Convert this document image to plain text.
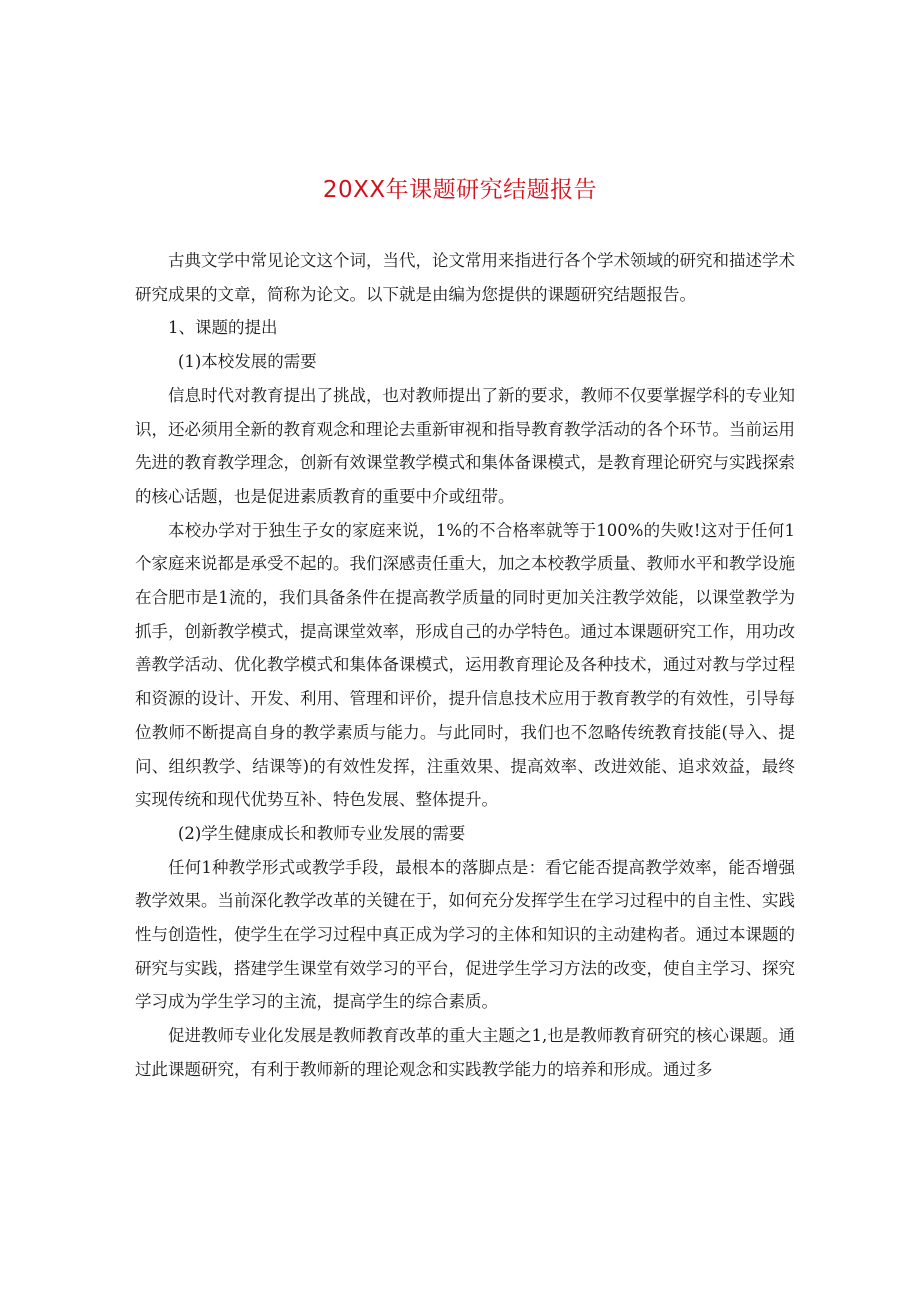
20XX年课题研究结题报告

古典文学中常见论文这个词，当代，论文常用来指进行各个学术领域的研究和描述学术研究成果的文章，简称为论文。以下就是由编为您提供的课题研究结题报告。

1、课题的提出

(1)本校发展的需要

信息时代对教育提出了挑战，也对教师提出了新的要求，教师不仅要掌握学科的专业知识，还必须用全新的教育观念和理论去重新审视和指导教育教学活动的各个环节。当前运用先进的教育教学理念，创新有效课堂教学模式和集体备课模式，是教育理论研究与实践探索的核心话题，也是促进素质教育的重要中介或纽带。

本校办学对于独生子女的家庭来说，1%的不合格率就等于100%的失败!这对于任何1个家庭来说都是承受不起的。我们深感责任重大，加之本校教学质量、教师水平和教学设施在合肥市是1流的，我们具备条件在提高教学质量的同时更加关注教学效能，以课堂教学为抓手，创新教学模式，提高课堂效率，形成自己的办学特色。通过本课题研究工作，用功改善教学活动、优化教学模式和集体备课模式，运用教育理论及各种技术，通过对教与学过程和资源的设计、开发、利用、管理和评价，提升信息技术应用于教育教学的有效性，引导每位教师不断提高自身的教学素质与能力。与此同时，我们也不忽略传统教育技能(导入、提问、组织教学、结课等)的有效性发挥，注重效果、提高效率、改进效能、追求效益，最终实现传统和现代优势互补、特色发展、整体提升。

(2)学生健康成长和教师专业发展的需要

任何1种教学形式或教学手段，最根本的落脚点是：看它能否提高教学效率，能否增强教学效果。当前深化教学改革的关键在于，如何充分发挥学生在学习过程中的自主性、实践性与创造性，使学生在学习过程中真正成为学习的主体和知识的主动建构者。通过本课题的研究与实践，搭建学生课堂有效学习的平台，促进学生学习方法的改变，使自主学习、探究学习成为学生学习的主流，提高学生的综合素质。

促进教师专业化发展是教师教育改革的重大主题之1,也是教师教育研究的核心课题。通过此课题研究，有利于教师新的理论观念和实践教学能力的培养和形成。通过多
